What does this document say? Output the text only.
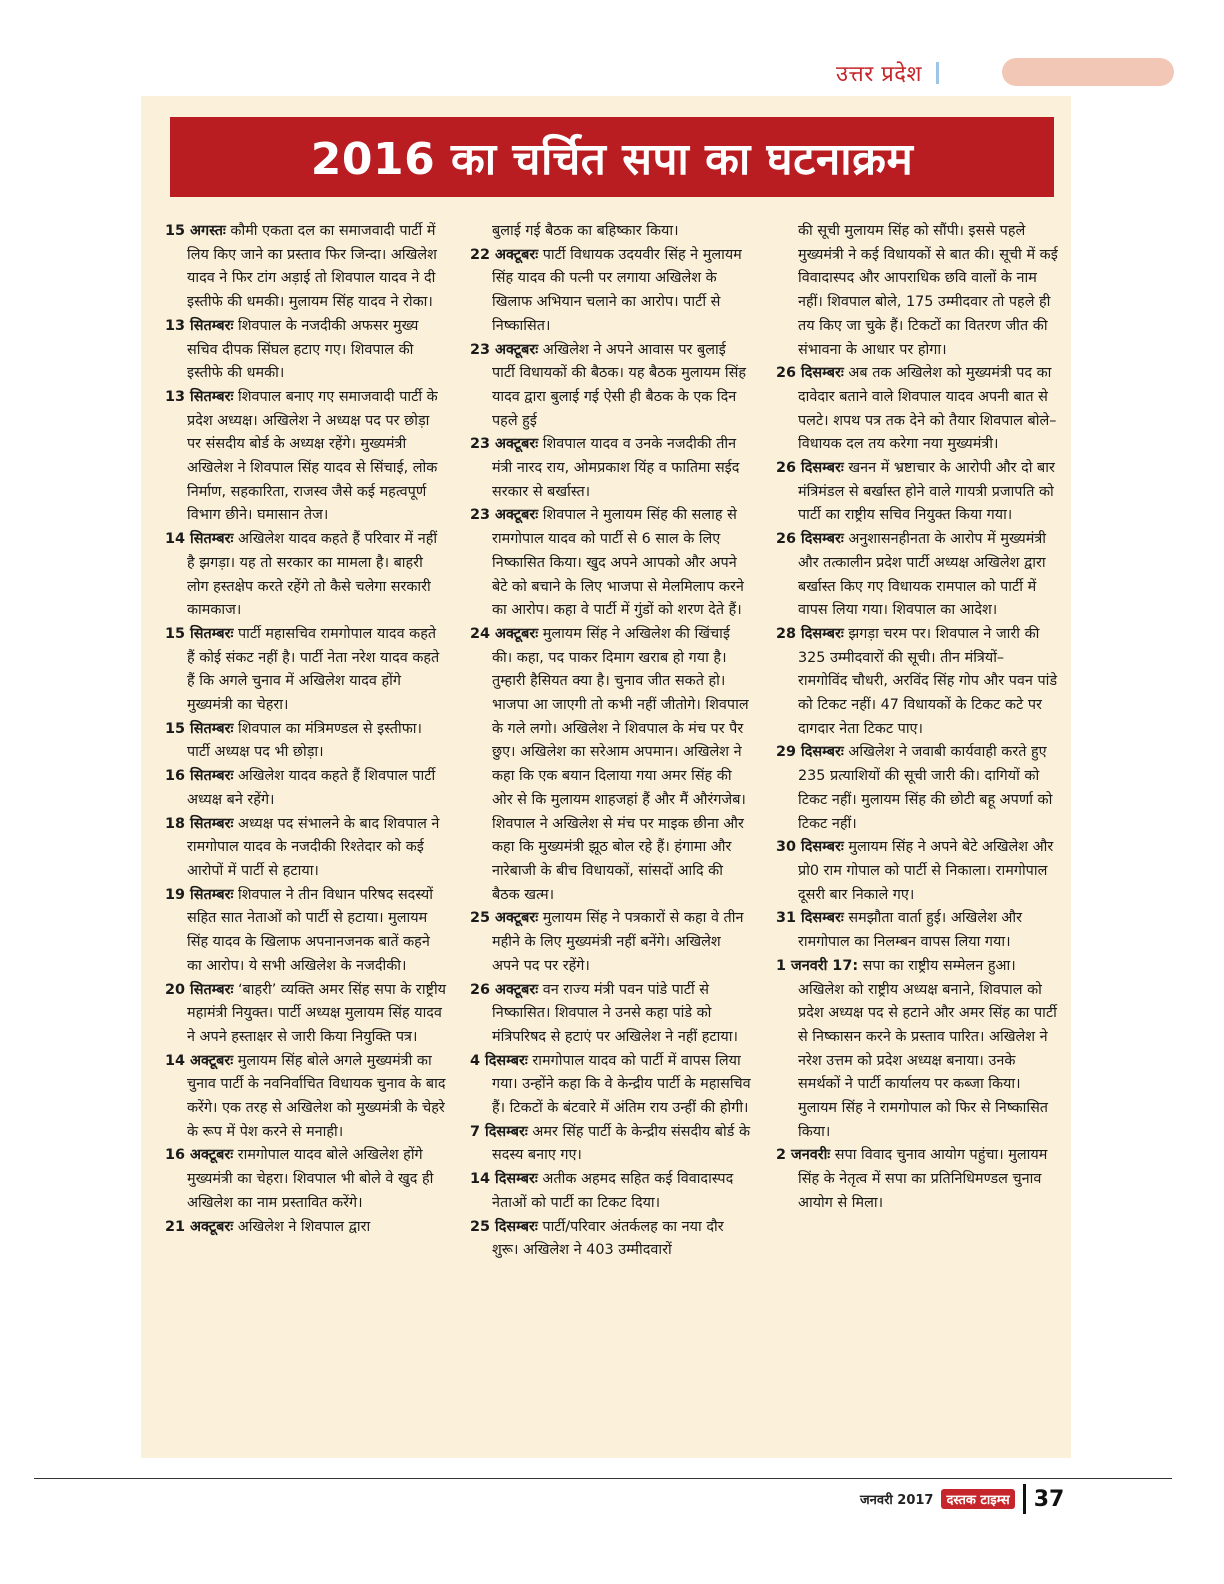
उत्तर प्रदेश
2016 का चर्चित सपा का घटनाक्रम

15 अगस्तः कौमी एकता दल का समाजवादी पार्टी में लिय किए जाने का प्रस्ताव फिर जिन्दा। अखिलेश यादव ने फिर टांग अड़ाई तो शिवपाल यादव ने दी इस्तीफे की धमकी। मुलायम सिंह यादव ने रोका।

13 सितम्बरः शिवपाल के नजदीकी अफसर मुख्य सचिव दीपक सिंघल हटाए गए। शिवपाल की इस्तीफे की धमकी।

13 सितम्बरः शिवपाल बनाए गए समाजवादी पार्टी के प्रदेश अध्यक्ष। अखिलेश ने अध्यक्ष पद पर छोड़ा पर संसदीय बोर्ड के अध्यक्ष रहेंगे। मुख्यमंत्री अखिलेश ने शिवपाल सिंह यादव से सिंचाई, लोक निर्माण, सहकारिता, राजस्व जैसे कई महत्वपूर्ण विभाग छीने। घमासान तेज।

14 सितम्बरः अखिलेश यादव कहते हैं परिवार में नहीं है झगड़ा। यह तो सरकार का मामला है। बाहरी लोग हस्तक्षेप करते रहेंगे तो कैसे चलेगा सरकारी कामकाज।

15 सितम्बरः पार्टी महासचिव रामगोपाल यादव कहते हैं कोई संकट नहीं है। पार्टी नेता नरेश यादव कहते हैं कि अगले चुनाव में अखिलेश यादव होंगे मुख्यमंत्री का चेहरा।

15 सितम्बरः शिवपाल का मंत्रिमण्डल से इस्तीफा। पार्टी अध्यक्ष पद भी छोड़ा।

16 सितम्बरः अखिलेश यादव कहते हैं शिवपाल पार्टी अध्यक्ष बने रहेंगे।

18 सितम्बरः अध्यक्ष पद संभालने के बाद शिवपाल ने रामगोपाल यादव के नजदीकी रिश्तेदार को कई आरोपों में पार्टी से हटाया।

19 सितम्बरः शिवपाल ने तीन विधान परिषद सदस्यों सहित सात नेताओं को पार्टी से हटाया। मुलायम सिंह यादव के खिलाफ अपनानजनक बातें कहने का आरोप। ये सभी अखिलेश के नजदीकी।

20 सितम्बरः ‘बाहरी’ व्यक्ति अमर सिंह सपा के राष्ट्रीय महामंत्री नियुक्त। पार्टी अध्यक्ष मुलायम सिंह यादव ने अपने हस्ताक्षर से जारी किया नियुक्ति पत्र।

14 अक्टूबरः मुलायम सिंह बोले अगले मुख्यमंत्री का चुनाव पार्टी के नवनिर्वाचित विधायक चुनाव के बाद करेंगे। एक तरह से अखिलेश को मुख्यमंत्री के चेहरे के रूप में पेश करने से मनाही।

16 अक्टूबरः रामगोपाल यादव बोले अखिलेश होंगे मुख्यमंत्री का चेहरा। शिवपाल भी बोले वे खुद ही अखिलेश का नाम प्रस्तावित करेंगे।

21 अक्टूबरः अखिलेश ने शिवपाल द्वारा

बुलाई गई बैठक का बहिष्कार किया।

22 अक्टूबरः पार्टी विधायक उदयवीर सिंह ने मुलायम सिंह यादव की पत्नी पर लगाया अखिलेश के खिलाफ अभियान चलाने का आरोप। पार्टी से निष्कासित।

23 अक्टूबरः अखिलेश ने अपने आवास पर बुलाई पार्टी विधायकों की बैठक। यह बैठक मुलायम सिंह यादव द्वारा बुलाई गई ऐसी ही बैठक के एक दिन पहले हुई

23 अक्टूबरः शिवपाल यादव व उनके नजदीकी तीन मंत्री नारद राय, ओमप्रकाश यिंह व फातिमा सईद सरकार से बर्खास्त।

23 अक्टूबरः शिवपाल ने मुलायम सिंह की सलाह से रामगोपाल यादव को पार्टी से 6 साल के लिए निष्कासित किया। खुद अपने आपको और अपने बेटे को बचाने के लिए भाजपा से मेलमिलाप करने का आरोप। कहा वे पार्टी में गुंडों को शरण देते हैं।

24 अक्टूबरः मुलायम सिंह ने अखिलेश की खिंचाई की। कहा, पद पाकर दिमाग खराब हो गया है। तुम्हारी हैसियत क्या है। चुनाव जीत सकते हो। भाजपा आ जाएगी तो कभी नहीं जीतोगे। शिवपाल के गले लगो। अखिलेश ने शिवपाल के मंच पर पैर छुए। अखिलेश का सरेआम अपमान। अखिलेश ने कहा कि एक बयान दिलाया गया अमर सिंह की ओर से कि मुलायम शाहजहां हैं और मैं औरंगजेब। शिवपाल ने अखिलेश से मंच पर माइक छीना और कहा कि मुख्यमंत्री झूठ बोल रहे हैं। हंगामा और नारेबाजी के बीच विधायकों, सांसदों आदि की बैठक खत्म।

25 अक्टूबरः मुलायम सिंह ने पत्रकारों से कहा वे तीन महीने के लिए मुख्यमंत्री नहीं बनेंगे। अखिलेश अपने पद पर रहेंगे।

26 अक्टूबरः वन राज्य मंत्री पवन पांडे पार्टी से निष्कासित। शिवपाल ने उनसे कहा पांडे को मंत्रिपरिषद से हटाएं पर अखिलेश ने नहीं हटाया।

4 दिसम्बरः रामगोपाल यादव को पार्टी में वापस लिया गया। उन्होंने कहा कि वे केन्द्रीय पार्टी के महासचिव हैं। टिकटों के बंटवारे में अंतिम राय उन्हीं की होगी।

7 दिसम्बरः अमर सिंह पार्टी के केन्द्रीय संसदीय बोर्ड के सदस्य बनाए गए।

14 दिसम्बरः अतीक अहमद सहित कई विवादास्पद नेताओं को पार्टी का टिकट दिया।

25 दिसम्बरः पार्टी/परिवार अंतर्कलह का नया दौर शुरू। अखिलेश ने 403 उम्मीदवारों

की सूची मुलायम सिंह को सौंपी। इससे पहले मुख्यमंत्री ने कई विधायकों से बात की। सूची में कई विवादास्पद और आपराधिक छवि वालों के नाम नहीं। शिवपाल बोले, 175 उम्मीदवार तो पहले ही तय किए जा चुके हैं। टिकटों का वितरण जीत की संभावना के आधार पर होगा।

26 दिसम्बरः अब तक अखिलेश को मुख्यमंत्री पद का दावेदार बताने वाले शिवपाल यादव अपनी बात से पलटे। शपथ पत्र तक देने को तैयार शिवपाल बोले– विधायक दल तय करेगा नया मुख्यमंत्री।

26 दिसम्बरः खनन में भ्रष्टाचार के आरोपी और दो बार मंत्रिमंडल से बर्खास्त होने वाले गायत्री प्रजापति को पार्टी का राष्ट्रीय सचिव नियुक्त किया गया।

26 दिसम्बरः अनुशासनहीनता के आरोप में मुख्यमंत्री और तत्कालीन प्रदेश पार्टी अध्यक्ष अखिलेश द्वारा बर्खास्त किए गए विधायक रामपाल को पार्टी में वापस लिया गया। शिवपाल का आदेश।

28 दिसम्बरः झगड़ा चरम पर। शिवपाल ने जारी की 325 उम्मीदवारों की सूची। तीन मंत्रियों– रामगोविंद चौधरी, अरविंद सिंह गोप और पवन पांडे को टिकट नहीं। 47 विधायकों के टिकट कटे पर दागदार नेता टिकट पाए।

29 दिसम्बरः अखिलेश ने जवाबी कार्यवाही करते हुए 235 प्रत्याशियों की सूची जारी की। दागियों को टिकट नहीं। मुलायम सिंह की छोटी बहू अपर्णा को टिकट नहीं।

30 दिसम्बरः मुलायम सिंह ने अपने बेटे अखिलेश और प्रो0 राम गोपाल को पार्टी से निकाला। रामगोपाल दूसरी बार निकाले गए।

31 दिसम्बरः समझौता वार्ता हुई। अखिलेश और रामगोपाल का निलम्बन वापस लिया गया।

1 जनवरी 17: सपा का राष्ट्रीय सम्मेलन हुआ। अखिलेश को राष्ट्रीय अध्यक्ष बनाने, शिवपाल को प्रदेश अध्यक्ष पद से हटाने और अमर सिंह का पार्टी से निष्कासन करने के प्रस्ताव पारित। अखिलेश ने नरेश उत्तम को प्रदेश अध्यक्ष बनाया। उनके समर्थकों ने पार्टी कार्यालय पर कब्जा किया। मुलायम सिंह ने रामगोपाल को फिर से निष्कासित किया।

2 जनवरीः सपा विवाद चुनाव आयोग पहुंचा। मुलायम सिंह के नेतृत्व में सपा का प्रतिनिधिमण्डल चुनाव आयोग से मिला।

जनवरी 2017	दस्तक टाइम्स 37
